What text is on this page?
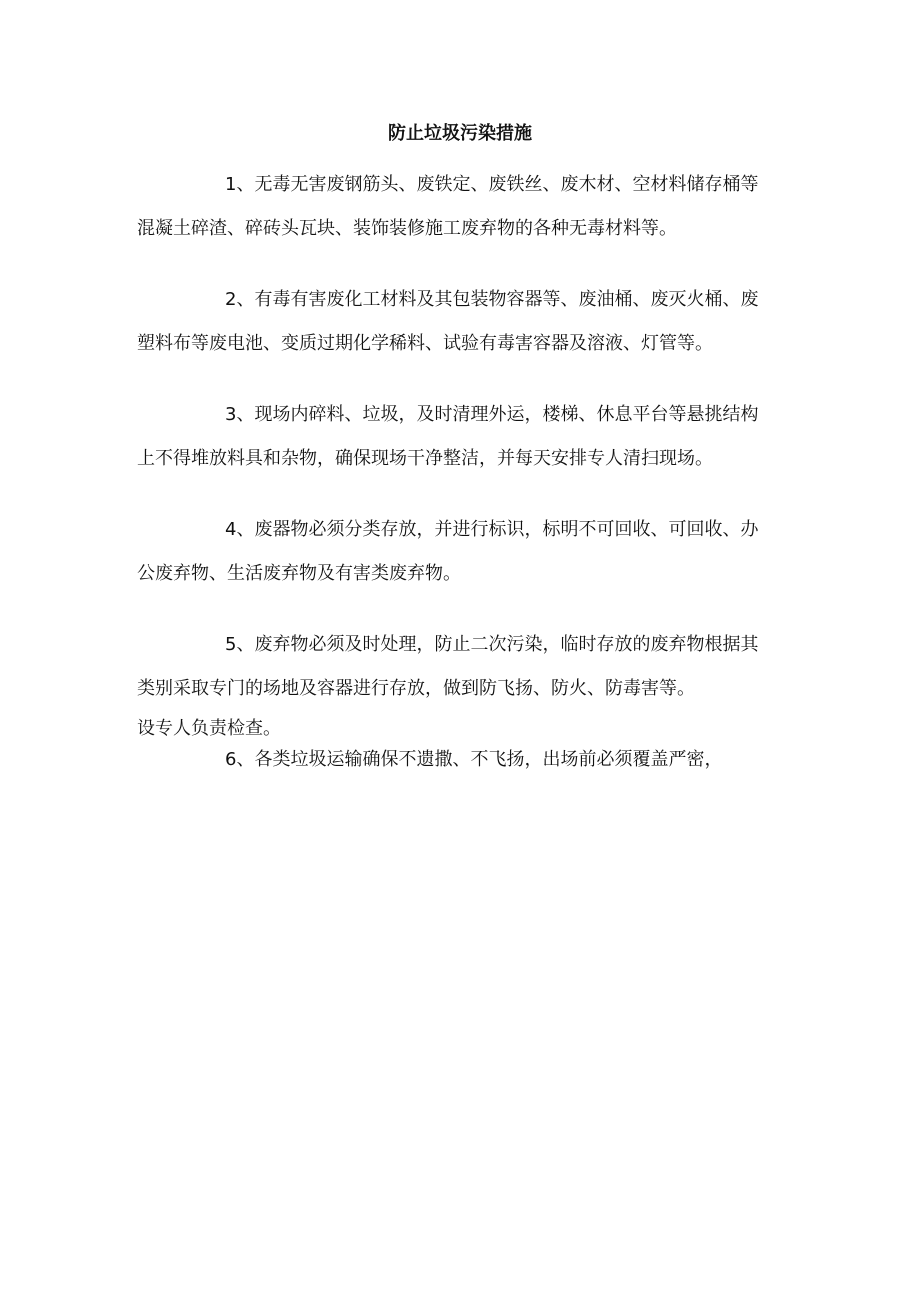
防止垃圾污染措施
1、无毒无害废钢筋头、废铁定、废铁丝、废木材、空材料储存桶等
混凝土碎渣、碎砖头瓦块、装饰装修施工废弃物的各种无毒材料等。
2、有毒有害废化工材料及其包装物容器等、废油桶、废灭火桶、废
塑料布等废电池、变质过期化学稀料、试验有毒害容器及溶液、灯管等。
3、现场内碎料、垃圾，及时清理外运，楼梯、休息平台等悬挑结构
上不得堆放料具和杂物，确保现场干净整洁，并每天安排专人清扫现场。
4、废器物必须分类存放，并进行标识，标明不可回收、可回收、办
公废弃物、生活废弃物及有害类废弃物。
5、废弃物必须及时处理，防止二次污染，临时存放的废弃物根据其
类别采取专门的场地及容器进行存放，做到防飞扬、防火、防毒害等。
6、各类垃圾运输确保不遗撒、不飞扬，出场前必须覆盖严密，
设专人负责检查。
